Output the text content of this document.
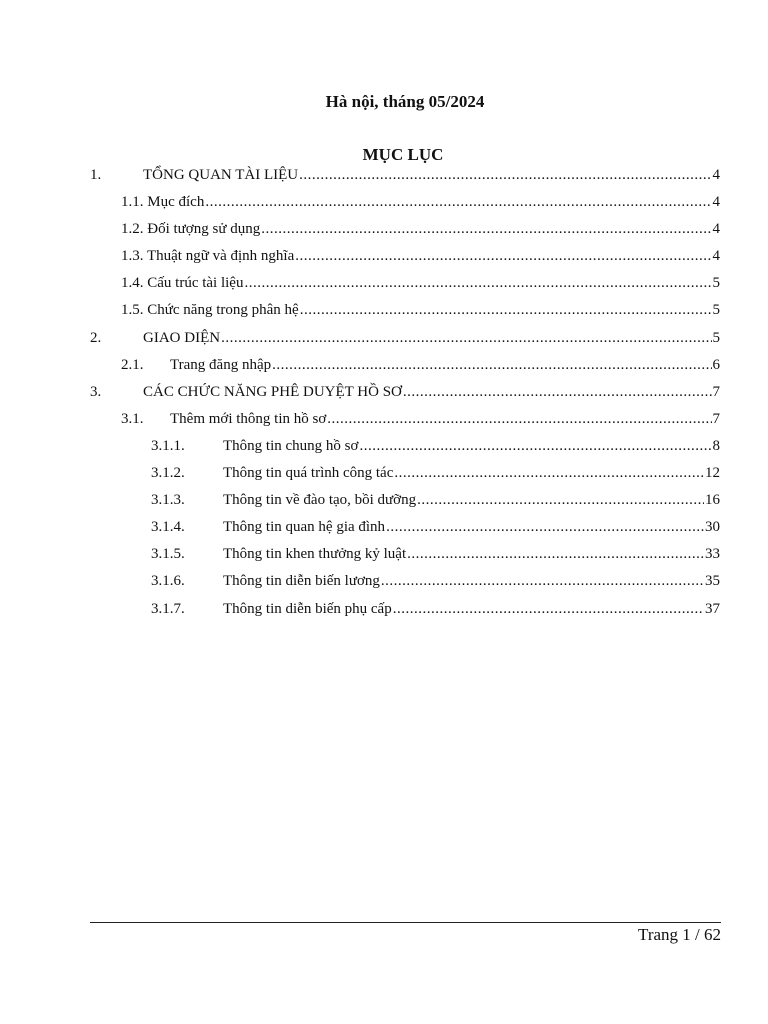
Hà nội, tháng 05/2024
MỤC LỤC
1.	TỔNG QUAN TÀI LIỆU .....	4
1.1. Mục đích .....	4
1.2. Đối tượng sử dụng .....	4
1.3. Thuật ngữ và định nghĩa .....	4
1.4. Cấu trúc tài liệu .....	5
1.5. Chức năng trong phân hệ .....	5
2.	GIAO DIỆN .....	5
2.1. Trang đăng nhập .....	6
3.	CÁC CHỨC NĂNG PHÊ DUYỆT HỒ SƠ .....	7
3.1. Thêm mới thông tin hồ sơ .....	7
3.1.1.	Thông tin chung hồ sơ .....	8
3.1.2.	Thông tin quá trình công tác .....	12
3.1.3.	Thông tin về đào tạo, bồi dưỡng .....	16
3.1.4.	Thông tin quan hệ gia đình .....	30
3.1.5.	Thông tin khen thưởng kỷ luật .....	33
3.1.6.	Thông tin diễn biến lương .....	35
3.1.7.	Thông tin diễn biến phụ cấp .....	37
Trang 1 / 62
